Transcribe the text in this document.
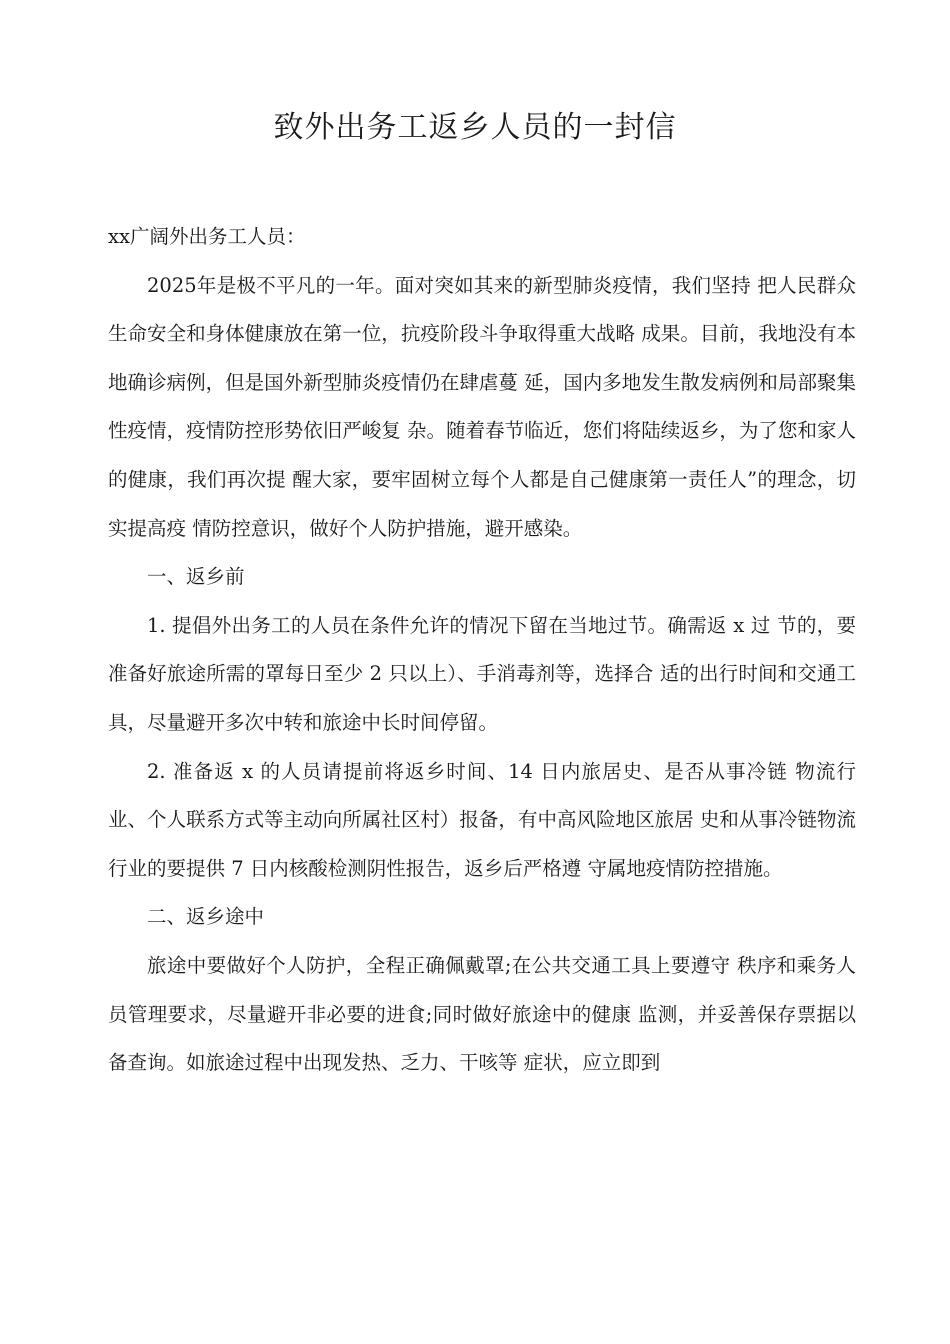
致外出务工返乡人员的一封信

xx广阔外出务工人员：

2025年是极不平凡的一年。面对突如其来的新型肺炎疫情，我们坚持 把人民群众生命安全和身体健康放在第一位，抗疫阶段斗争取得重大战略 成果。目前，我地没有本地确诊病例，但是国外新型肺炎疫情仍在肆虐蔓 延，国内多地发生散发病例和局部聚集性疫情，疫情防控形势依旧严峻复 杂。随着春节临近，您们将陆续返乡，为了您和家人的健康，我们再次提 醒大家，要牢固树立每个人都是自己健康第一责任人”的理念，切实提高疫 情防控意识，做好个人防护措施，避开感染。

一、返乡前

1. 提倡外出务工的人员在条件允许的情况下留在当地过节。确需返 x 过 节的，要准备好旅途所需的罩每日至少 2 只以上）、手消毒剂等，选择合 适的出行时间和交通工具，尽量避开多次中转和旅途中长时间停留。

2. 准备返 x 的人员请提前将返乡时间、14 日内旅居史、是否从事冷链 物流行业、个人联系方式等主动向所属社区村）报备，有中高风险地区旅居 史和从事冷链物流行业的要提供 7 日内核酸检测阴性报告，返乡后严格遵 守属地疫情防控措施。

二、返乡途中

旅途中要做好个人防护，全程正确佩戴罩;在公共交通工具上要遵守 秩序和乘务人员管理要求，尽量避开非必要的进食;同时做好旅途中的健康 监测，并妥善保存票据以备查询。如旅途过程中出现发热、乏力、干咳等 症状，应立即到
